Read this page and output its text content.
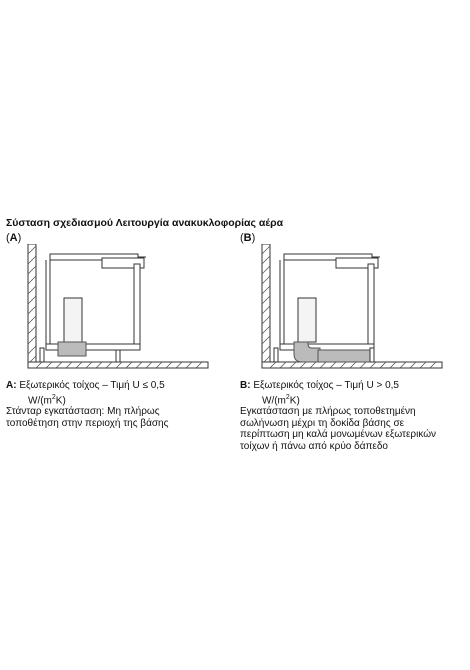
Σύσταση σχεδιασμού Λειτουργία ανακυκλοφορίας αέρα
(A)	(B)
A: Εξωτερικός τοίχος – Τιμή U ≤ 0,5
$W/(m^2K)$
Στάνταρ εγκατάσταση: Μη πλήρως
τοποθέτηση στην περιοχή της βάσης
B: Εξωτερικός τοίχος – Τιμή U > 0,5
$W/(m^2K)$
Εγκατάσταση με πλήρως τοποθετημένη
σωλήνωση μέχρι τη δοκίδα βάσης σε
περίπτωση μη καλά μονωμένων εξωτερικών
τοίχων ή πάνω από κρύο δάπεδο
